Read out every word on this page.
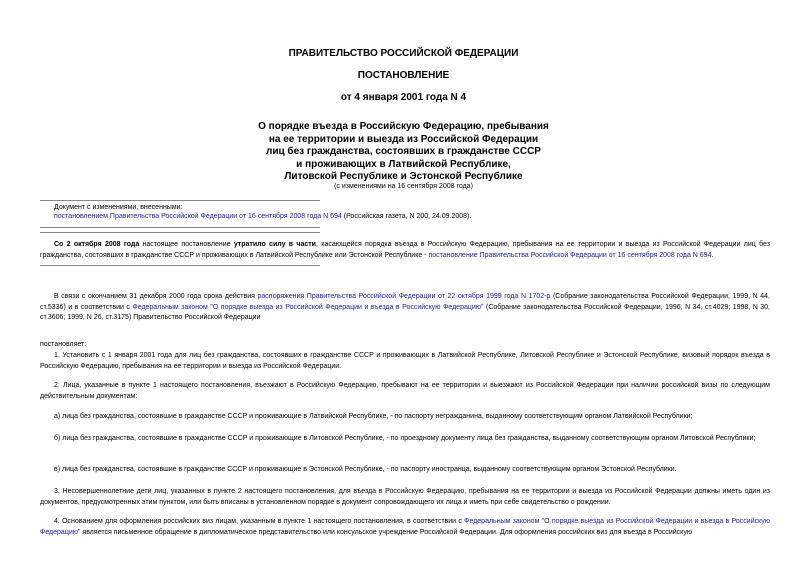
ПРАВИТЕЛЬСТВО РОССИЙСКОЙ ФЕДЕРАЦИИ
ПОСТАНОВЛЕНИЕ
от 4 января 2001 года N 4
О порядке въезда в Российскую Федерацию, пребывания
на ее территории и выезда из Российской Федерации
лиц без гражданства, состоявших в гражданстве СССР
и проживающих в Латвийской Республике,
Литовской Республике и Эстонской Республике
(с изменениями на 16 сентября 2008 года)
Документ с изменениями, внесенными:
постановлением Правительства Российской Федерации от 16 сентября 2008 года N 694 (Российская газета, N 200, 24.09.2008).
Со 2 октября 2008 года настоящее постановление утратило силу в части, касающейся порядка въезда в Российскую Федерацию, пребывания на ее территории и выезда из Российской Федерации лиц без гражданства, состоявших в гражданстве СССР и проживающих в Латвийской Республике или Эстонской Республике - постановление Правительства Российской Федерации от 16 сентября 2008 года N 694.
В связи с окончанием 31 декабря 2000 года срока действия распоряжения Правительства Российской Федерации от 22 октября 1999 года N 1702-р (Собрание законодательства Российской Федерации, 1999, N 44, ст.5336) и в соответствии с Федеральным законом "О порядке выезда из Российской Федерации и въезда в Российскую Федерацию" (Собрание законодательства Российской Федерации, 1996, N 34, ст.4029; 1998, N 30, ст.3606; 1999, N 26, ст.3175) Правительство Российской Федерации
постановляет:
1. Установить с 1 января 2001 года для лиц без гражданства, состоявших в гражданстве СССР и проживающих в Латвийской Республике, Литовской Республике и Эстонской Республике, визовый порядок въезда в Российскую Федерацию, пребывания на ее территории и выезда из Российской Федерации.
2. Лица, указанные в пункте 1 настоящего постановления, въезжают в Российскую Федерацию, пребывают на ее территории и выезжают из Российской Федерации при наличии российской визы по следующим действительным документам:
а) лица без гражданства, состоявшие в гражданстве СССР и проживающие в Латвийской Республике, - по паспорту негражданина, выданному соответствующим органом Латвийской Республики;
б) лица без гражданства, состоявшие в гражданстве СССР и проживающие в Литовской Республике, - по проездному документу лица без гражданства, выданному соответствующим органом Литовской Республики;
в) лица без гражданства, состоявшие в гражданстве СССР и проживающие в Эстонской Республике, - по паспорту иностранца, выданному соответствующим органом Эстонской Республики.
3. Несовершеннолетние дети лиц, указанных в пункте 2 настоящего постановления, для въезда в Российскую Федерацию, пребывания на ее территории и выезда из Российской Федерации должны иметь один из документов, предусмотренных этим пунктом, или быть вписаны в установленном порядке в документ сопровождающего их лица и иметь при себе свидетельство о рождении.
4. Основанием для оформления российских виз лицам, указанным в пункте 1 настоящего постановления, в соответствии с Федеральным законом "О порядке выезда из Российской Федерации и въезда в Российскую Федерацию" является письменное обращение в дипломатическое представительство или консульское учреждение Российской Федерации. Для оформления российских виз для въезда в Российскую
